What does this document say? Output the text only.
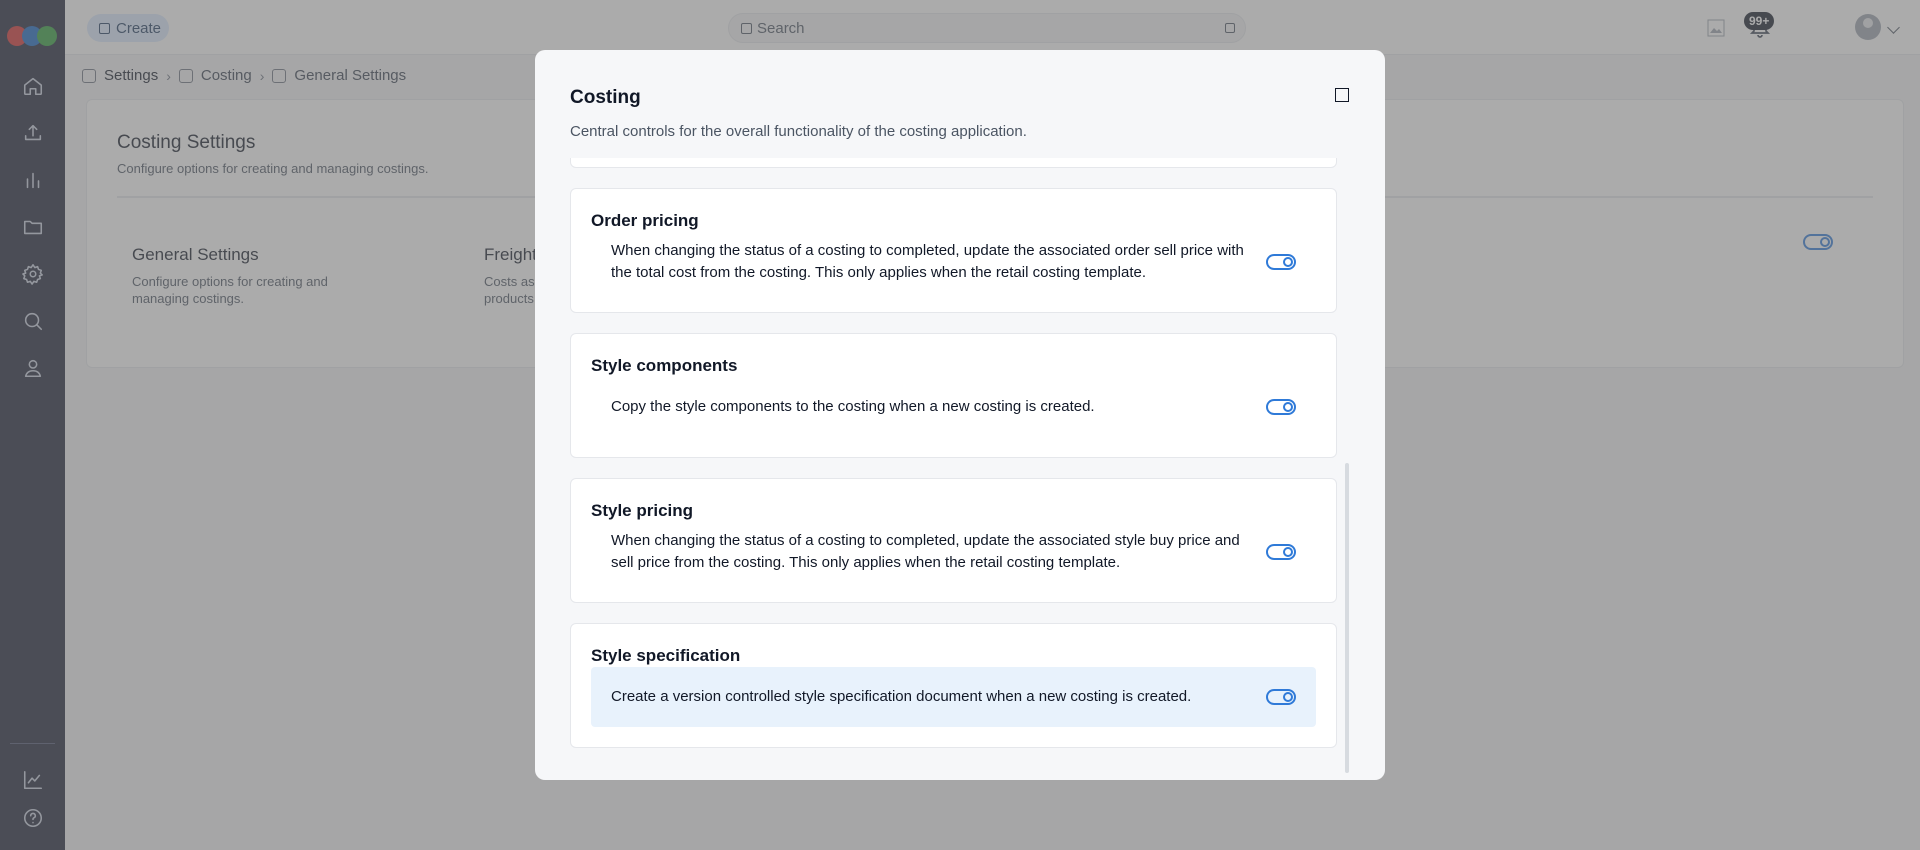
Costing
Central controls for the overall functionality of the costing application.
Order pricing
When changing the status of a costing to completed, update the associated order sell price with the total cost from the costing. This only applies when the retail costing template.
Style components
Copy the style components to the costing when a new costing is created.
Style pricing
When changing the status of a costing to completed, update the associated style buy price and sell price from the costing. This only applies when the retail costing template.
Style specification
Create a version controlled style specification document when a new costing is created.
